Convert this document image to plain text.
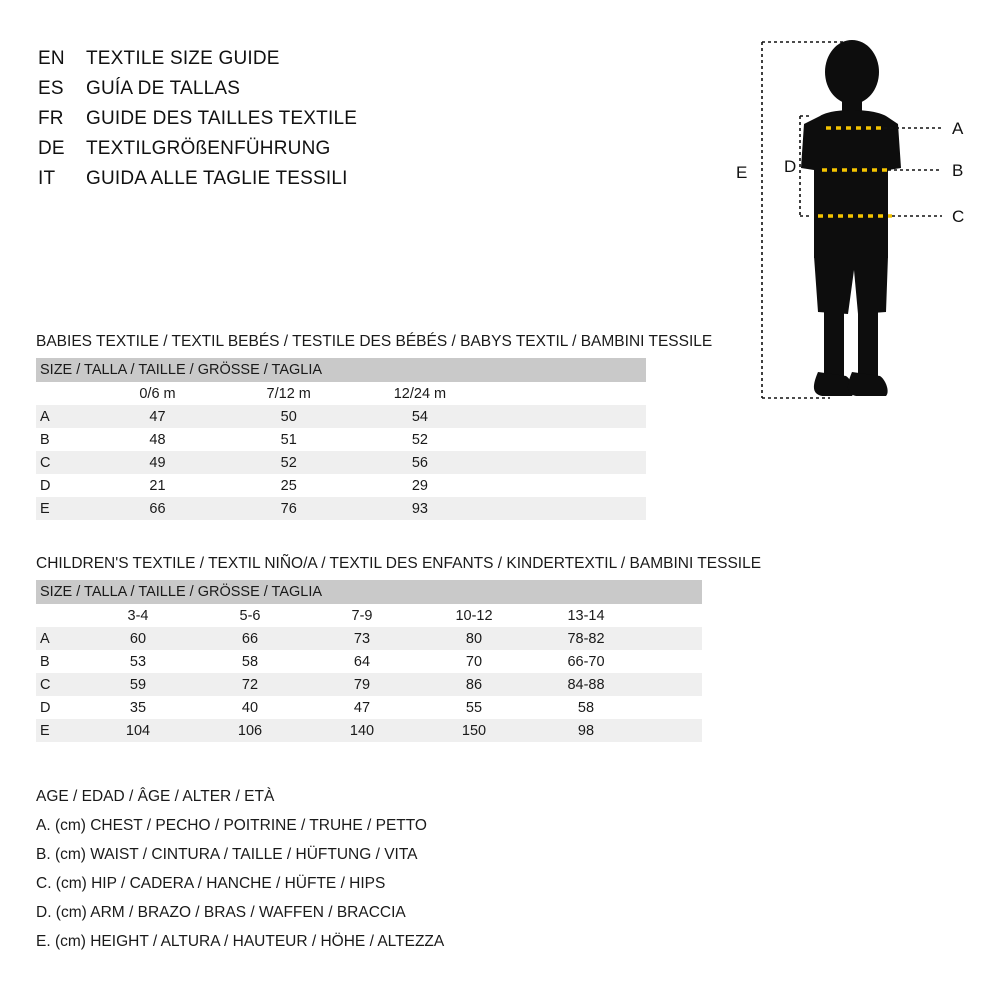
EN	TEXTILE SIZE GUIDE
ES	GUÍA DE TALLAS
FR	GUIDE DES TAILLES TEXTILE
DE	TEXTILGRÖßENFÜHRUNG
IT	GUIDA ALLE TAGLIE TESSILI
A
B
C
D
E
BABIES TEXTILE / TEXTIL BEBÉS / TESTILE DES BÉBÉS / BABYS TEXTIL / BAMBINI TESSILE
SIZE / TALLA / TAILLE / GRÖSSE / TAGLIA				
	0/6 m	7/12 m	12/24 m	
A	47	50	54	
B	48	51	52	
C	49	52	56	
D	21	25	29	
E	66	76	93	
CHILDREN'S TEXTILE / TEXTIL NIÑO/A / TEXTIL DES ENFANTS / KINDERTEXTIL / BAMBINI TESSILE
SIZE / TALLA / TAILLE / GRÖSSE / TAGLIA						
	3-4	5-6	7-9	10-12	13-14	
A	60	66	73	80	78-82	
B	53	58	64	70	66-70	
C	59	72	79	86	84-88	
D	35	40	47	55	58	
E	104	106	140	150	98	
AGE / EDAD / ÂGE / ALTER / ETÀ
A. (cm) CHEST / PECHO / POITRINE / TRUHE / PETTO
B. (cm) WAIST / CINTURA / TAILLE / HÜFTUNG / VITA
C. (cm) HIP / CADERA / HANCHE / HÜFTE / HIPS
D. (cm) ARM / BRAZO / BRAS / WAFFEN / BRACCIA
E. (cm) HEIGHT / ALTURA / HAUTEUR / HÖHE / ALTEZZA
